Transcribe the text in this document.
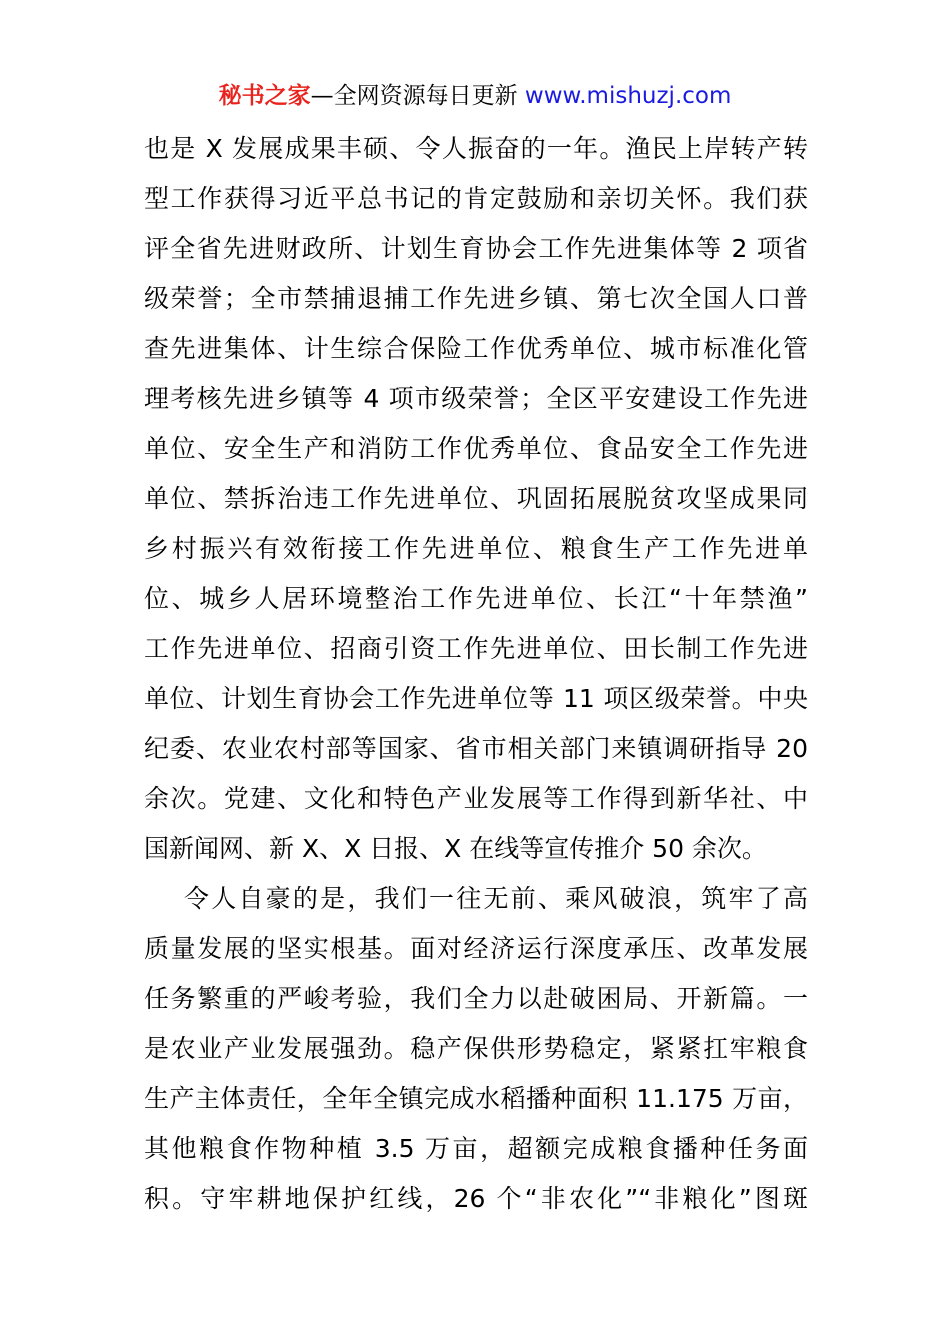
秘书之家—全网资源每日更新 www.mishuzj.com
也是 X 发展成果丰硕、令人振奋的一年。渔民上岸转产转
型工作获得习近平总书记的肯定鼓励和亲切关怀。我们获
评全省先进财政所、计划生育协会工作先进集体等 2 项省
级荣誉；全市禁捕退捕工作先进乡镇、第七次全国人口普
查先进集体、计生综合保险工作优秀单位、城市标准化管
理考核先进乡镇等 4 项市级荣誉；全区平安建设工作先进
单位、安全生产和消防工作优秀单位、食品安全工作先进
单位、禁拆治违工作先进单位、巩固拓展脱贫攻坚成果同
乡村振兴有效衔接工作先进单位、粮食生产工作先进单
位、城乡人居环境整治工作先进单位、长江“十年禁渔”
工作先进单位、招商引资工作先进单位、田长制工作先进
单位、计划生育协会工作先进单位等 11 项区级荣誉。中央
纪委、农业农村部等国家、省市相关部门来镇调研指导 20
余次。党建、文化和特色产业发展等工作得到新华社、中
国新闻网、新 X、X 日报、X 在线等宣传推介 50 余次。
令人自豪的是，我们一往无前、乘风破浪，筑牢了高
质量发展的坚实根基。面对经济运行深度承压、改革发展
任务繁重的严峻考验，我们全力以赴破困局、开新篇。一
是农业产业发展强劲。稳产保供形势稳定，紧紧扛牢粮食
生产主体责任，全年全镇完成水稻播种面积 11.175 万亩，
其他粮食作物种植 3.5 万亩，超额完成粮食播种任务面
积。守牢耕地保护红线，26 个“非农化”“非粮化”图斑
